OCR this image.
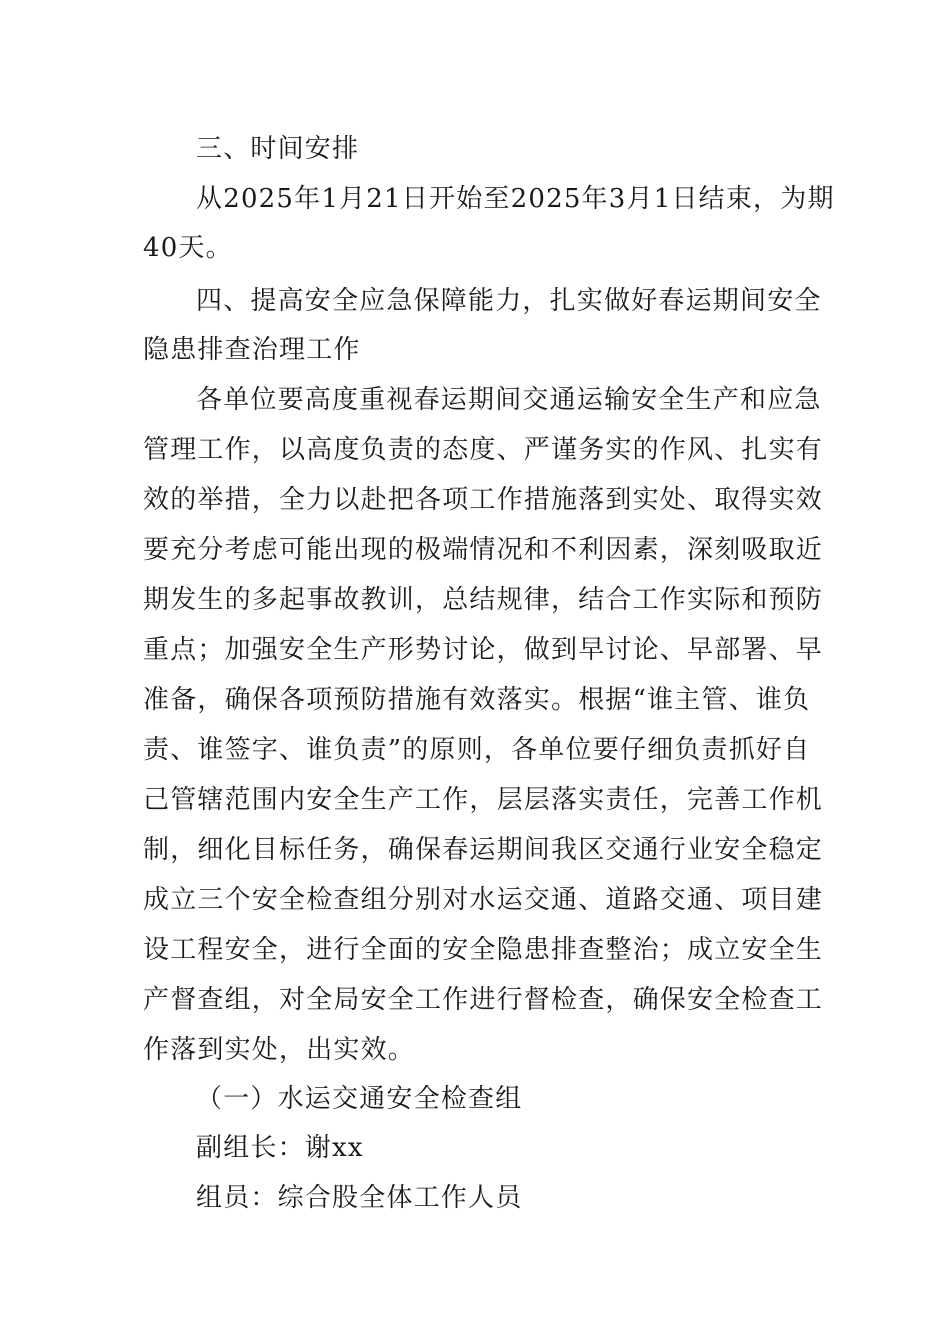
三、时间安排
从2025年1月21日开始至2025年3月1日结束，为期
40天。
四、提高安全应急保障能力，扎实做好春运期间安全
隐患排查治理工作
各单位要高度重视春运期间交通运输安全生产和应急
管理工作，以高度负责的态度、严谨务实的作风、扎实有
效的举措，全力以赴把各项工作措施落到实处、取得实效
要充分考虑可能出现的极端情况和不利因素，深刻吸取近
期发生的多起事故教训，总结规律，结合工作实际和预防
重点；加强安全生产形势讨论，做到早讨论、早部署、早
准备，确保各项预防措施有效落实。根据“谁主管、谁负
责、谁签字、谁负责”的原则，各单位要仔细负责抓好自
己管辖范围内安全生产工作，层层落实责任，完善工作机
制，细化目标任务，确保春运期间我区交通行业安全稳定
成立三个安全检查组分别对水运交通、道路交通、项目建
设工程安全，进行全面的安全隐患排查整治；成立安全生
产督查组，对全局安全工作进行督检查，确保安全检查工
作落到实处，出实效。
（一）水运交通安全检查组
副组长：谢xx
组员：综合股全体工作人员
